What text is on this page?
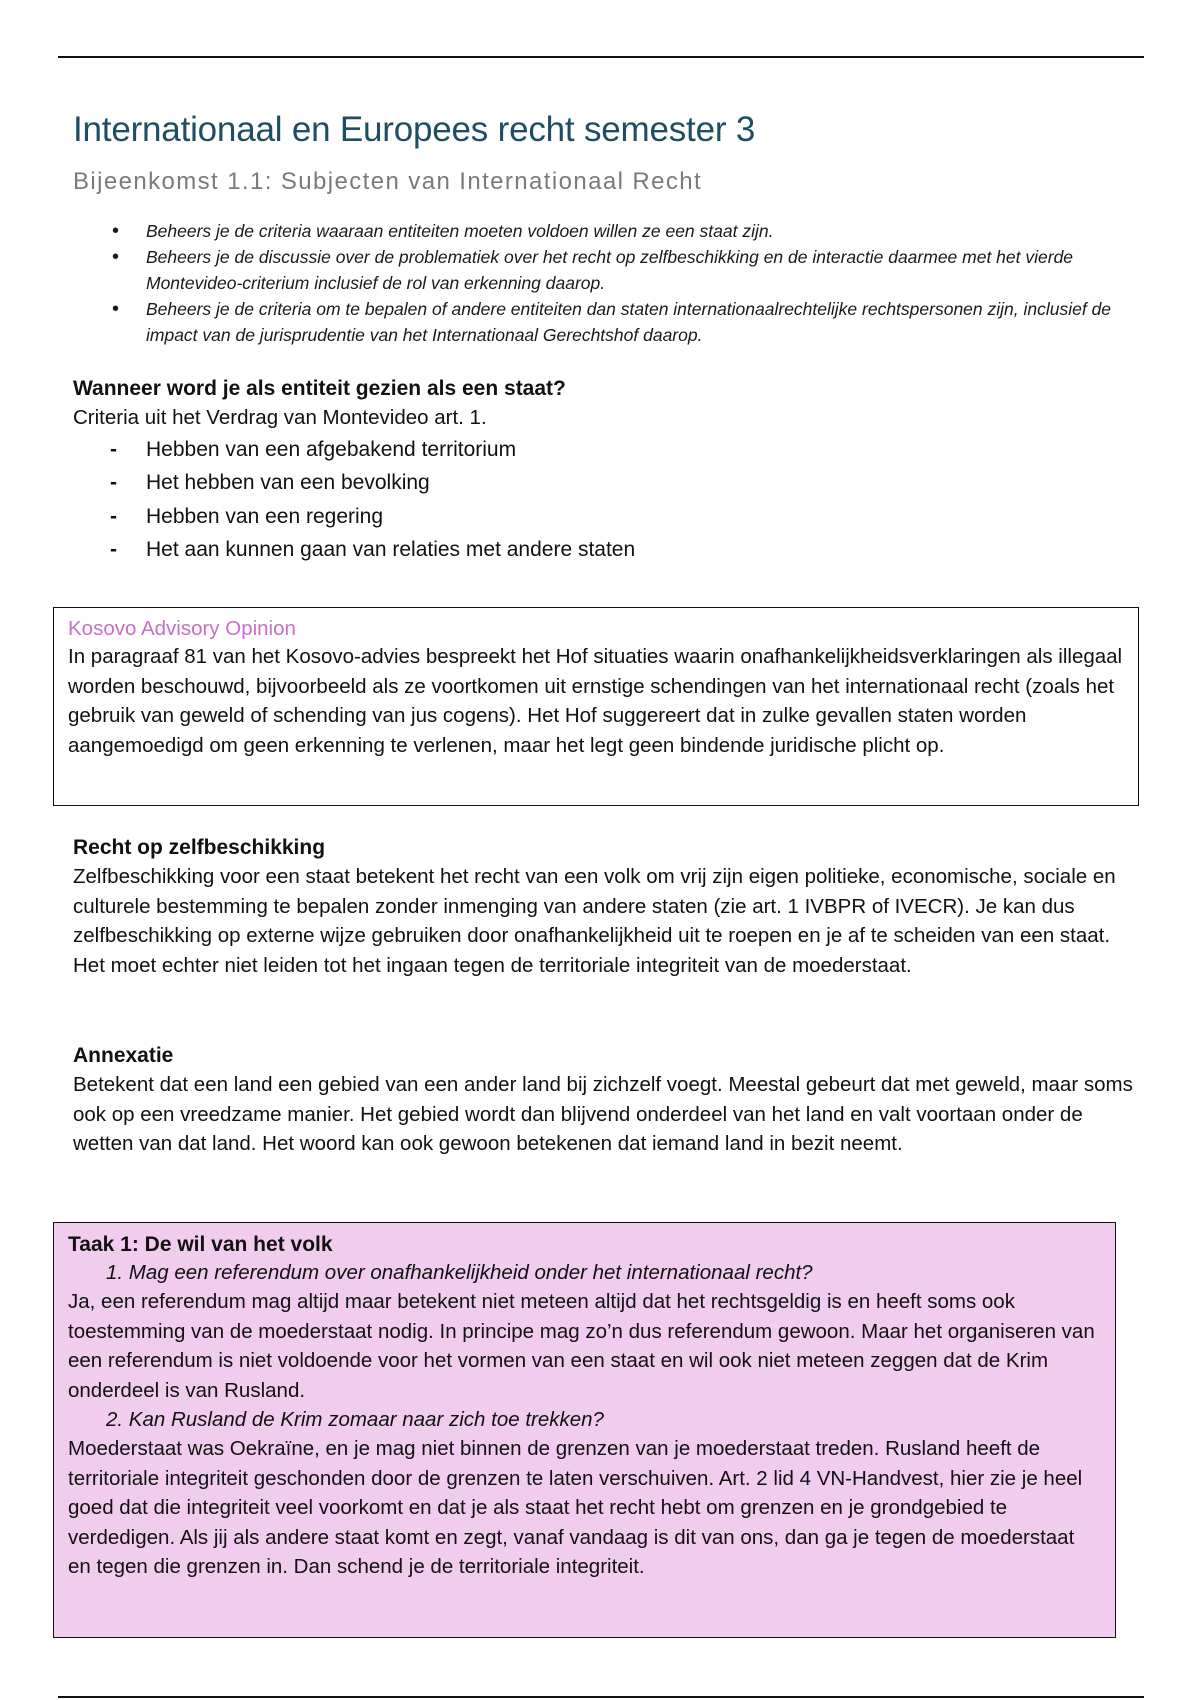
Internationaal en Europees recht semester 3
Bijeenkomst 1.1: Subjecten van Internationaal Recht
• Beheers je de criteria waaraan entiteiten moeten voldoen willen ze een staat zijn.
• Beheers je de discussie over de problematiek over het recht op zelfbeschikking en de interactie daarmee met het vierde Montevideo-criterium inclusief de rol van erkenning daarop.
• Beheers je de criteria om te bepalen of andere entiteiten dan staten internationaalrechtelijke rechtspersonen zijn, inclusief de impact van de jurisprudentie van het Internationaal Gerechtshof daarop.
Wanneer word je als entiteit gezien als een staat?
Criteria uit het Verdrag van Montevideo art. 1.
- Hebben van een afgebakend territorium
- Het hebben van een bevolking
- Hebben van een regering
- Het aan kunnen gaan van relaties met andere staten
Kosovo Advisory Opinion
In paragraaf 81 van het Kosovo-advies bespreekt het Hof situaties waarin onafhankelijkheidsverklaringen als illegaal worden beschouwd, bijvoorbeeld als ze voortkomen uit ernstige schendingen van het internationaal recht (zoals het gebruik van geweld of schending van jus cogens). Het Hof suggereert dat in zulke gevallen staten worden aangemoedigd om geen erkenning te verlenen, maar het legt geen bindende juridische plicht op.
Recht op zelfbeschikking
Zelfbeschikking voor een staat betekent het recht van een volk om vrij zijn eigen politieke, economische, sociale en culturele bestemming te bepalen zonder inmenging van andere staten (zie art. 1 IVBPR of IVECR). Je kan dus zelfbeschikking op externe wijze gebruiken door onafhankelijkheid uit te roepen en je af te scheiden van een staat. Het moet echter niet leiden tot het ingaan tegen de territoriale integriteit van de moederstaat.
Annexatie
Betekent dat een land een gebied van een ander land bij zichzelf voegt. Meestal gebeurt dat met geweld, maar soms ook op een vreedzame manier. Het gebied wordt dan blijvend onderdeel van het land en valt voortaan onder de wetten van dat land. Het woord kan ook gewoon betekenen dat iemand land in bezit neemt.
Taak 1: De wil van het volk
1. Mag een referendum over onafhankelijkheid onder het internationaal recht?
Ja, een referendum mag altijd maar betekent niet meteen altijd dat het rechtsgeldig is en heeft soms ook toestemming van de moederstaat nodig. In principe mag zo’n dus referendum gewoon. Maar het organiseren van een referendum is niet voldoende voor het vormen van een staat en wil ook niet meteen zeggen dat de Krim onderdeel is van Rusland.
2. Kan Rusland de Krim zomaar naar zich toe trekken?
Moederstaat was Oekraïne, en je mag niet binnen de grenzen van je moederstaat treden. Rusland heeft de territoriale integriteit geschonden door de grenzen te laten verschuiven. Art. 2 lid 4 VN-Handvest, hier zie je heel goed dat die integriteit veel voorkomt en dat je als staat het recht hebt om grenzen en je grondgebied te verdedigen. Als jij als andere staat komt en zegt, vanaf vandaag is dit van ons, dan ga je tegen de moederstaat en tegen die grenzen in. Dan schend je de territoriale integriteit.
